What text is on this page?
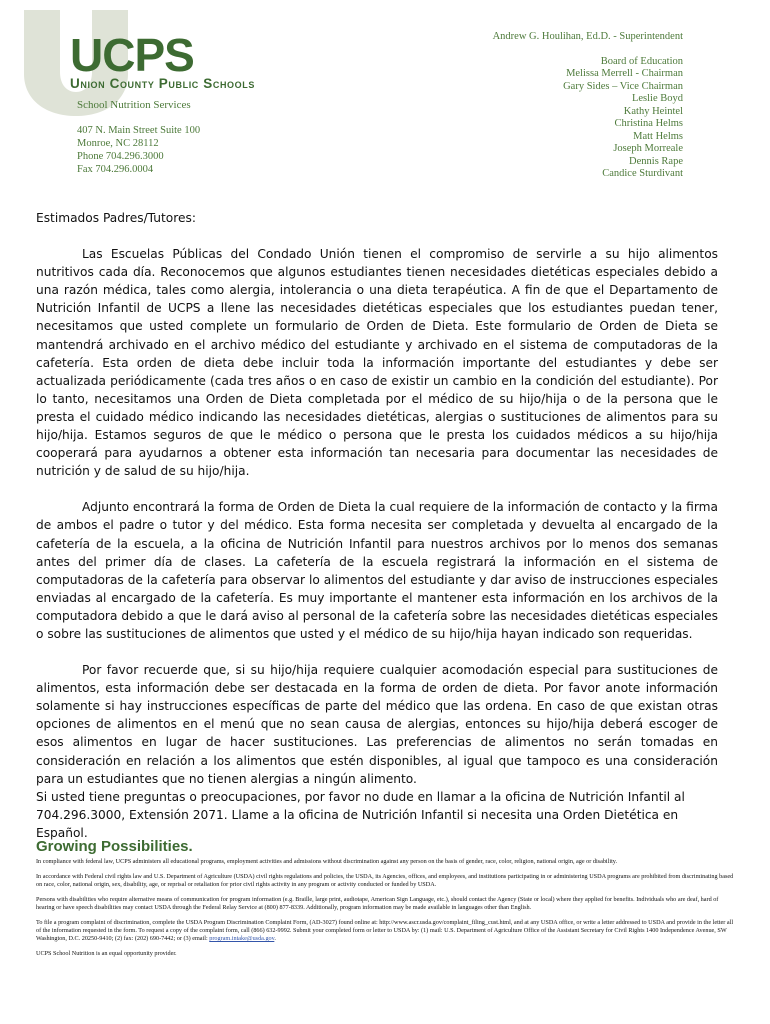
UCPS
Union County Public Schools
School Nutrition Services
407 N. Main Street Suite 100
Monroe, NC 28112
Phone 704.296.3000
Fax 704.296.0004
Andrew G. Houlihan, Ed.D. - Superintendent
Board of Education
Melissa Merrell - Chairman
Gary Sides – Vice Chairman
Leslie Boyd
Kathy Heintel
Christina Helms
Matt Helms
Joseph Morreale
Dennis Rape
Candice Sturdivant

Estimados Padres/Tutores:

Las Escuelas Públicas del Condado Unión tienen el compromiso de servirle a su hijo alimentos nutritivos cada día. Reconocemos que algunos estudiantes tienen necesidades dietéticas especiales debido a una razón médica, tales como alergia, intolerancia o una dieta terapéutica. A fin de que el Departamento de Nutrición Infantil de UCPS a llene las necesidades dietéticas especiales que los estudiantes puedan tener, necesitamos que usted complete un formulario de Orden de Dieta. Este formulario de Orden de Dieta se mantendrá archivado en el archivo médico del estudiante y archivado en el sistema de computadoras de la cafetería. Esta orden de dieta debe incluir toda la información importante del estudiantes y debe ser actualizada periódicamente (cada tres años o en caso de existir un cambio en la condición del estudiante). Por lo tanto, necesitamos una Orden de Dieta completada por el médico de su hijo/hija o de la persona que le presta el cuidado médico indicando las necesidades dietéticas, alergias o sustituciones de alimentos para su hijo/hija. Estamos seguros de que le médico o persona que le presta los cuidados médicos a su hijo/hija cooperará para ayudarnos a obtener esta información tan necesaria para documentar las necesidades de nutrición y de salud de su hijo/hija.

Adjunto encontrará la forma de Orden de Dieta la cual requiere de la información de contacto y la firma de ambos el padre o tutor y del médico. Esta forma necesita ser completada y devuelta al encargado de la cafetería de la escuela, a la oficina de Nutrición Infantil para nuestros archivos por lo menos dos semanas antes del primer día de clases. La cafetería de la escuela registrará la información en el sistema de computadoras de la cafetería para observar lo alimentos del estudiante y dar aviso de instrucciones especiales enviadas al encargado de la cafetería. Es muy importante el mantener esta información en los archivos de la computadora debido a que le dará aviso al personal de la cafetería sobre las necesidades dietéticas especiales o sobre las sustituciones de alimentos que usted y el médico de su hijo/hija hayan indicado son requeridas.

Por favor recuerde que, si su hijo/hija requiere cualquier acomodación especial para sustituciones de alimentos, esta información debe ser destacada en la forma de orden de dieta. Por favor anote información solamente si hay instrucciones específicas de parte del médico que las ordena. En caso de que existan otras opciones de alimentos en el menú que no sean causa de alergias, entonces su hijo/hija deberá escoger de esos alimentos en lugar de hacer sustituciones. Las preferencias de alimentos no serán tomadas en consideración en relación a los alimentos que estén disponibles, al igual que tampoco es una consideración para un estudiantes que no tienen alergias a ningún alimento.

Si usted tiene preguntas o preocupaciones, por favor no dude en llamar a la oficina de Nutrición Infantil al 704.296.3000, Extensión 2071. Llame a la oficina de Nutrición Infantil si necesita una Orden Dietética en Español.

Growing Possibilities.

In compliance with federal law, UCPS administers all educational programs, employment activities and admissions without discrimination against any person on the basis of gender, race, color, religion, national origin, age or disability.

In accordance with Federal civil rights law and U.S. Department of Agriculture (USDA) civil rights regulations and policies, the USDA, its Agencies, offices, and employees, and institutions participating in or administering USDA programs are prohibited from discriminating based on race, color, national origin, sex, disability, age, or reprisal or retaliation for prior civil rights activity in any program or activity conducted or funded by USDA.

Persons with disabilities who require alternative means of communication for program information (e.g. Braille, large print, audiotape, American Sign Language, etc.), should contact the Agency (State or local) where they applied for benefits. Individuals who are deaf, hard of hearing or have speech disabilities may contact USDA through the Federal Relay Service at (800) 877-8339. Additionally, program information may be made available in languages other than English.

To file a program complaint of discrimination, complete the USDA Program Discrimination Complaint Form, (AD-3027) found online at: http://www.ascr.usda.gov/complaint_filing_cust.html, and at any USDA office, or write a letter addressed to USDA and provide in the letter all of the information requested in the form. To request a copy of the complaint form, call (866) 632-9992. Submit your completed form or letter to USDA by: (1) mail: U.S. Department of Agriculture Office of the Assistant Secretary for Civil Rights 1400 Independence Avenue, SW Washington, D.C. 20250-9410; (2) fax: (202) 690-7442; or (3) email: program.intake@usda.gov.

UCPS School Nutrition is an equal opportunity provider.
